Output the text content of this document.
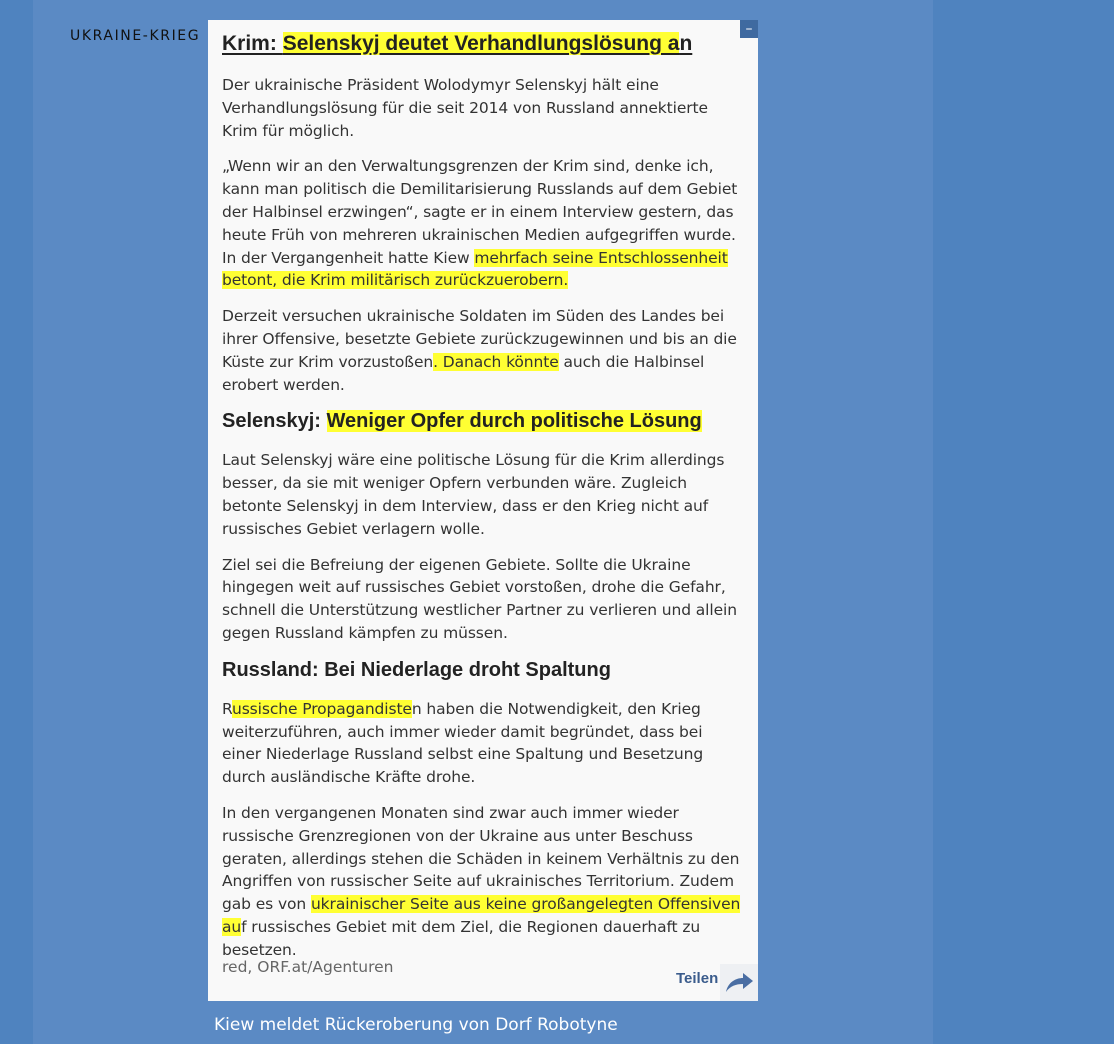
UKRAINE-KRIEG	–
Krim: Selenskyj deutet Verhandlungslösung an

Der ukrainische Präsident Wolodymyr Selenskyj hält eine Verhandlungslösung für die seit 2014 von Russland annektierte Krim für möglich.

„Wenn wir an den Verwaltungsgrenzen der Krim sind, denke ich, kann man politisch die Demilitarisierung Russlands auf dem Gebiet der Halbinsel erzwingen“, sagte er in einem Interview gestern, das heute Früh von mehreren ukrainischen Medien aufgegriffen wurde. In der Vergangenheit hatte Kiew mehrfach seine Entschlossenheit betont, die Krim militärisch zurückzuerobern.

Derzeit versuchen ukrainische Soldaten im Süden des Landes bei ihrer Offensive, besetzte Gebiete zurückzugewinnen und bis an die Küste zur Krim vorzustoßen. Danach könnte auch die Halbinsel erobert werden.

Selenskyj: Weniger Opfer durch politische Lösung

Laut Selenskyj wäre eine politische Lösung für die Krim allerdings besser, da sie mit weniger Opfern verbunden wäre. Zugleich betonte Selenskyj in dem Interview, dass er den Krieg nicht auf russisches Gebiet verlagern wolle.

Ziel sei die Befreiung der eigenen Gebiete. Sollte die Ukraine hingegen weit auf russisches Gebiet vorstoßen, drohe die Gefahr, schnell die Unterstützung westlicher Partner zu verlieren und allein gegen Russland kämpfen zu müssen.

Russland: Bei Niederlage droht Spaltung

Russische Propagandisten haben die Notwendigkeit, den Krieg weiterzuführen, auch immer wieder damit begründet, dass bei einer Niederlage Russland selbst eine Spaltung und Besetzung durch ausländische Kräfte drohe.

In den vergangenen Monaten sind zwar auch immer wieder russische Grenzregionen von der Ukraine aus unter Beschuss geraten, allerdings stehen die Schäden in keinem Verhältnis zu den Angriffen von russischer Seite auf ukrainisches Territorium. Zudem gab es von ukrainischer Seite aus keine großangelegten Offensiven auf russisches Gebiet mit dem Ziel, die Regionen dauerhaft zu besetzen.

red, ORF.at/Agenturen
Teilen
Kiew meldet Rückeroberung von Dorf Robotyne
